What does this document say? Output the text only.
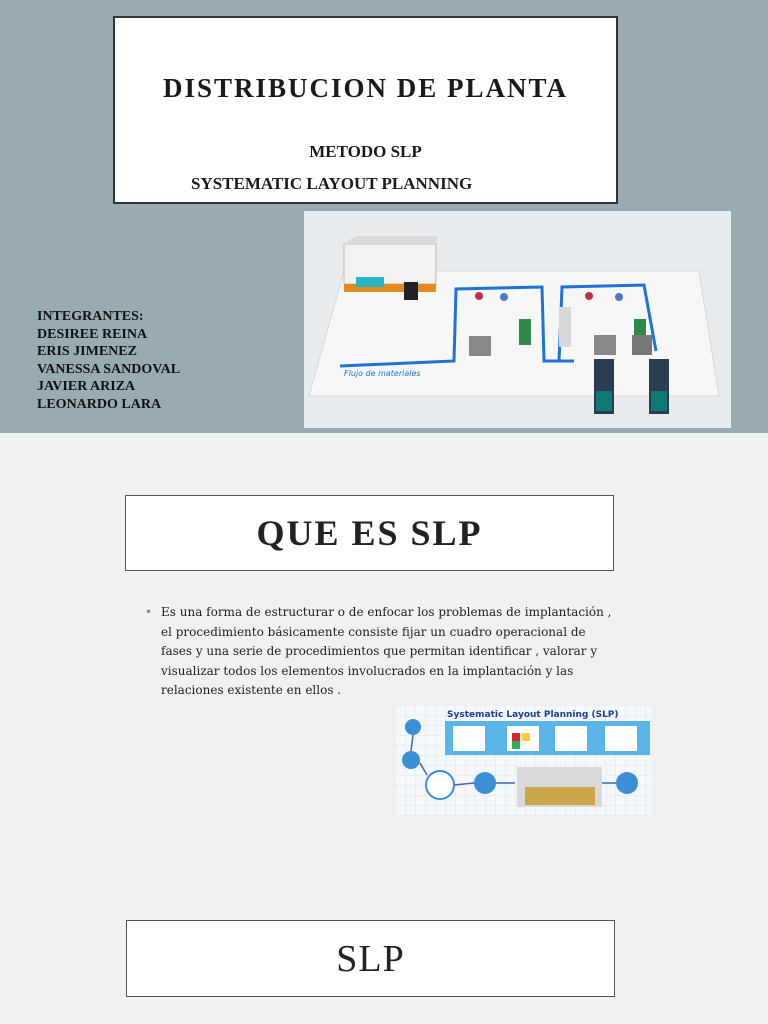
DISTRIBUCION DE PLANTA
METODO SLP
SYSTEMATIC LAYOUT PLANNING
INTEGRANTES:
DESIREE REINA
ERIS JIMENEZ
VANESSA SANDOVAL
JAVIER ARIZA
LEONARDO LARA
Flujo de materiales
QUE ES SLP
• Es una forma de estructurar o de enfocar los problemas de implantación , el procedimiento básicamente consiste fijar un cuadro operacional de fases y una serie de procedimientos que permitan identificar , valorar y visualizar todos los elementos involucrados en la implantación y las relaciones existente en ellos .
Systematic Layout Planning (SLP)
SLP
